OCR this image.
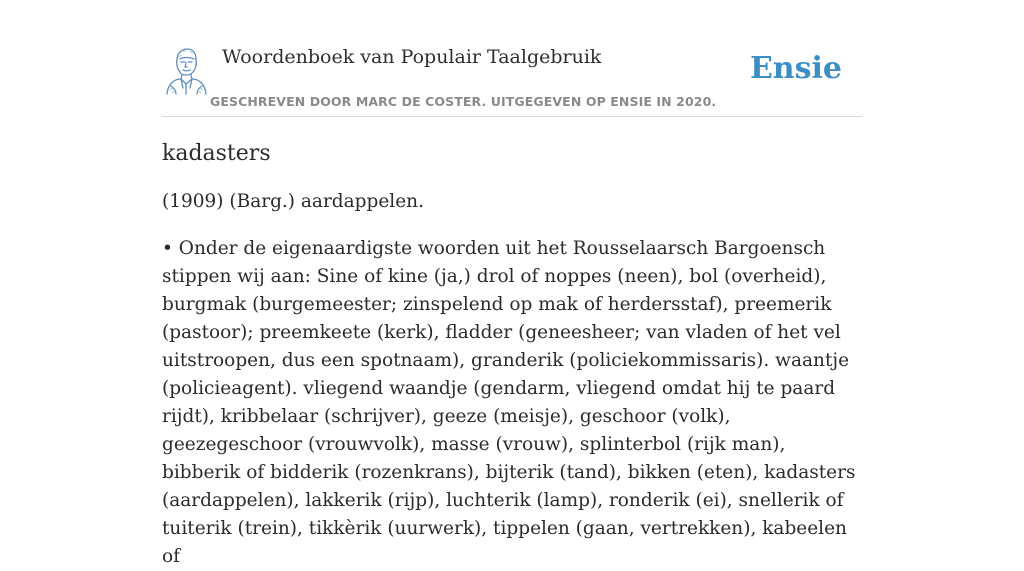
Woordenboek van Populair Taalgebruik
GESCHREVEN DOOR MARC DE COSTER. UITGEGEVEN OP ENSIE IN 2020.
Ensie
kadasters

(1909) (Barg.) aardappelen.

• Onder de eigenaardigste woorden uit het Rousselaarsch Bargoensch stippen wij aan: Sine of kine (ja,) drol of noppes (neen), bol (overheid), burgmak (burgemeester; zinspelend op mak of herdersstaf), preemerik (pastoor); preemkeete (kerk), fladder (geneesheer; van vladen of het vel uitstroopen, dus een spotnaam), granderik (policiekommissaris). waantje (policieagent). vliegend waandje (gendarm, vliegend omdat hij te paard rijdt), kribbelaar (schrijver), geeze (meisje), geschoor (volk), geezegeschoor (vrouwvolk), masse (vrouw), splinterbol (rijk man), bibberik of bidderik (rozenkrans), bijterik (tand), bikken (eten), kadasters (aardappelen), lakkerik (rijp), luchterik (lamp), ronderik (ei), snellerik of tuiterik (trein), tikkèrik (uurwerk), tippelen (gaan, vertrekken), kabeelen of
